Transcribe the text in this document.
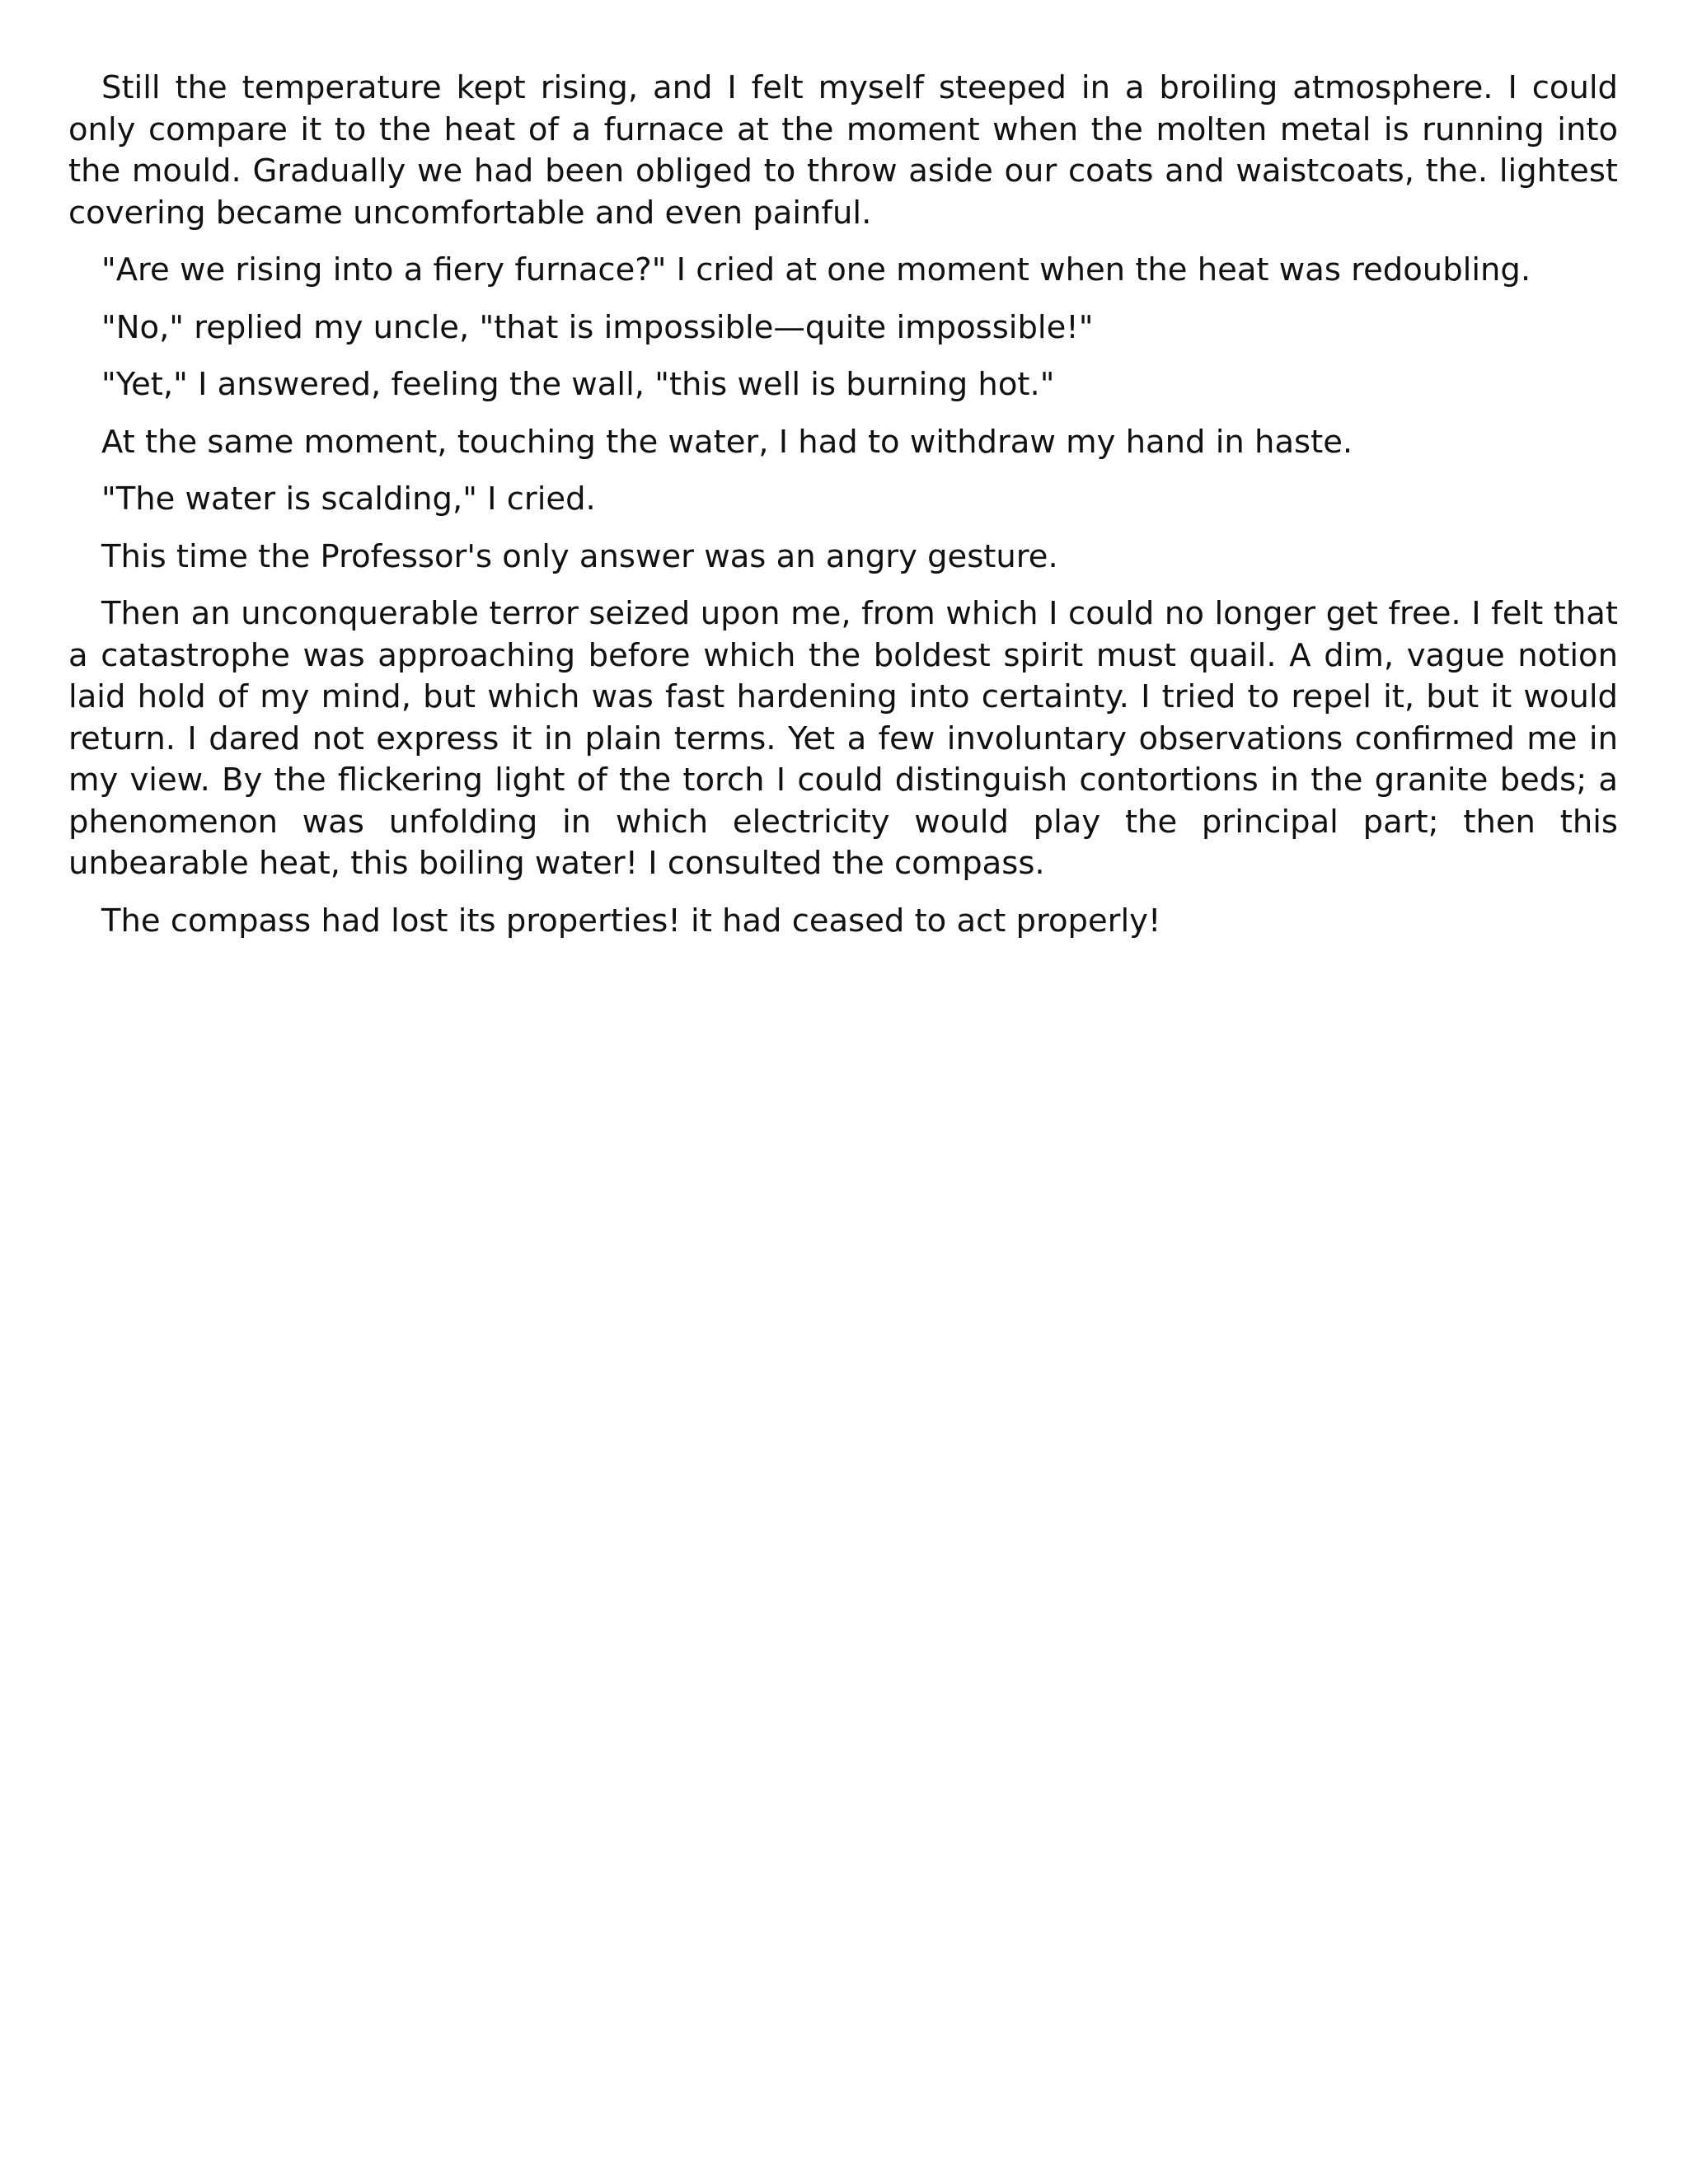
Still the temperature kept rising, and I felt myself steeped in a broiling atmosphere. I could only compare it to the heat of a furnace at the moment when the molten metal is running into the mould. Gradually we had been obliged to throw aside our coats and waistcoats, the. lightest covering became uncomfortable and even painful.

"Are we rising into a fiery furnace?" I cried at one moment when the heat was redoubling.

"No," replied my uncle, "that is impossible—quite impossible!"

"Yet," I answered, feeling the wall, "this well is burning hot."

At the same moment, touching the water, I had to withdraw my hand in haste.

"The water is scalding," I cried.

This time the Professor's only answer was an angry gesture.

Then an unconquerable terror seized upon me, from which I could no longer get free. I felt that a catastrophe was approaching before which the boldest spirit must quail. A dim, vague notion laid hold of my mind, but which was fast hardening into certainty. I tried to repel it, but it would return. I dared not express it in plain terms. Yet a few involuntary observations confirmed me in my view. By the flickering light of the torch I could distinguish contortions in the granite beds; a phenomenon was unfolding in which electricity would play the principal part; then this unbearable heat, this boiling water! I consulted the compass.

The compass had lost its properties! it had ceased to act properly!
